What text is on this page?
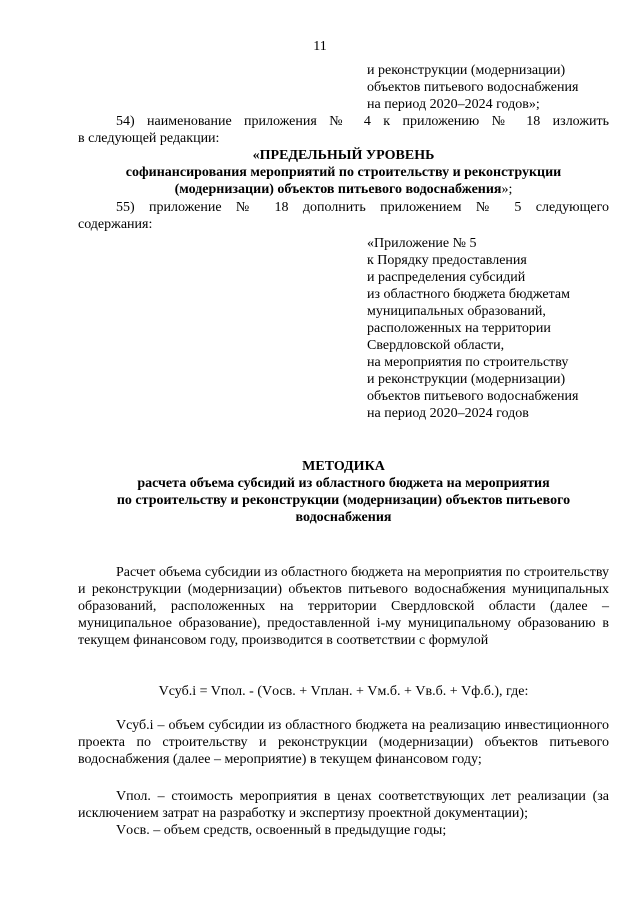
11
и реконструкции (модернизации)
объектов питьевого водоснабжения
на период 2020–2024 годов»;
54) наименование приложения № 4 к приложению № 18 изложить
в следующей редакции:
«ПРЕДЕЛЬНЫЙ УРОВЕНЬ
софинансирования мероприятий по строительству и реконструкции
(модернизации) объектов питьевого водоснабжения»;
55) приложение № 18 дополнить приложением № 5 следующего
содержания:
«Приложение № 5
к Порядку предоставления
и распределения субсидий
из областного бюджета бюджетам
муниципальных образований,
расположенных на территории
Свердловской области,
на мероприятия по строительству
и реконструкции (модернизации)
объектов питьевого водоснабжения
на период 2020–2024 годов
МЕТОДИКА
расчета объема субсидий из областного бюджета на мероприятия
по строительству и реконструкции (модернизации) объектов питьевого
водоснабжения

Расчет объема субсидии из областного бюджета на мероприятия по строительству и реконструкции (модернизации) объектов питьевого водоснабжения муниципальных образований, расположенных на территории Свердловской области (далее – муниципальное образование), предоставленной i-му муниципальному образованию в текущем финансовом году, производится в соответствии с формулой

Vсуб.i = Vпол. - (Vосв. + Vплан. + Vм.б. + Vв.б. + Vф.б.), где:

Vсуб.i – объем субсидии из областного бюджета на реализацию инвестиционного проекта по строительству и реконструкции (модернизации) объектов питьевого водоснабжения (далее – мероприятие) в текущем финансовом году;

Vпол. – стоимость мероприятия в ценах соответствующих лет реализации (за исключением затрат на разработку и экспертизу проектной документации);

Vосв. – объем средств, освоенный в предыдущие годы;
